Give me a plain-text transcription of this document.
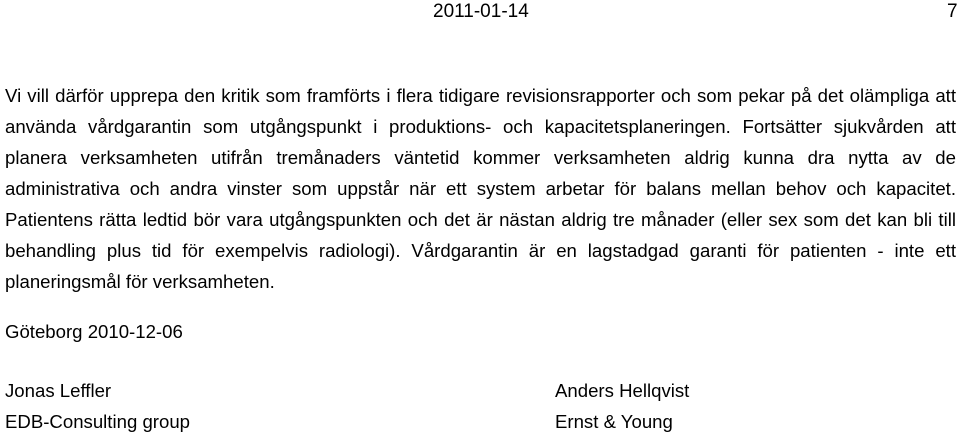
2011-01-14	7

Vi vill därför upprepa den kritik som framförts i flera tidigare revisionsrapporter och som pekar på det olämpliga att använda vårdgarantin som utgångspunkt i produktions- och kapacitetsplaneringen. Fortsätter sjukvården att planera verksamheten utifrån tremånaders väntetid kommer verksamheten aldrig kunna dra nytta av de administrativa och andra vinster som uppstår när ett system arbetar för balans mellan behov och kapacitet. Patientens rätta ledtid bör vara utgångspunkten och det är nästan aldrig tre månader (eller sex som det kan bli till behandling plus tid för exempelvis radiologi). Vårdgarantin är en lagstadgad garanti för patienten - inte ett planeringsmål för verksamheten.

Göteborg 2010-12-06
Jonas Leffler
EDB-Consulting group
Anders Hellqvist
Ernst & Young
